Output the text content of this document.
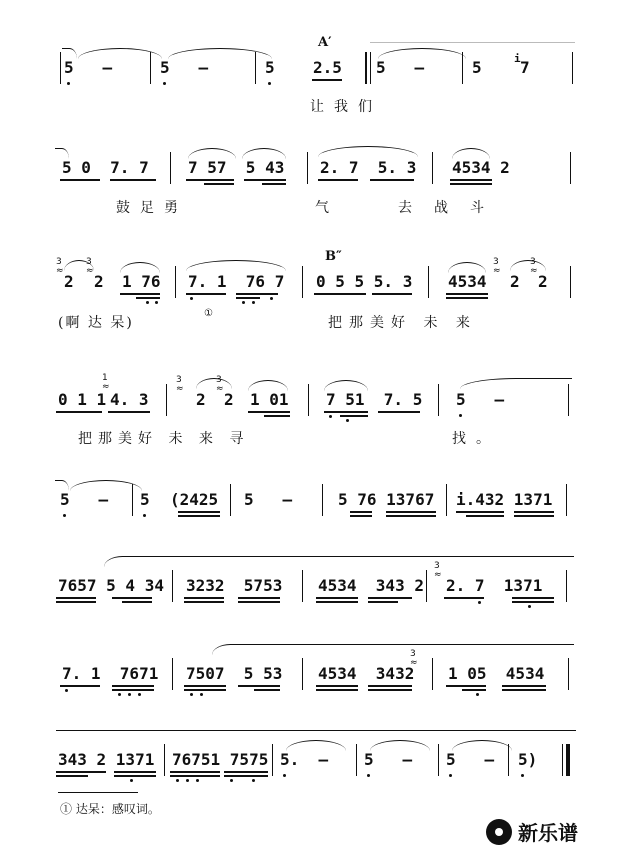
A′
5   –	5   –	5 2.5 5   –	5	i 7
让我们
5 0  7. 7 7 57  5 43 2. 7  5. 3 4534 2
鼓足勇	气	去战斗
B″
3
≈
2
3
≈
2 1 76 7. 1  76 7 0 5 5 5. 3 4534
3
≈
2
3
≈
2
(啊 达 呆)
①
把那美好 未 来
0 1 1
1
≈
4. 3
3
≈
2
3
≈
2 1 01 7 51  7. 5 5   –
把那美好 未 来 寻	找。
5   – 5 (2425 5   –	5 76 13767 i.432 1371
7657 5 4 34 3232  5753 4534  343 2
3
≈
2. 7  1371
7. 1  7671 7507  5 53 4534  3432
3
≈
1 05  4534
343 2 1371 76751 7575 5.  – 5   – 5   – 5)
① 达呆：感叹词。
新乐谱
